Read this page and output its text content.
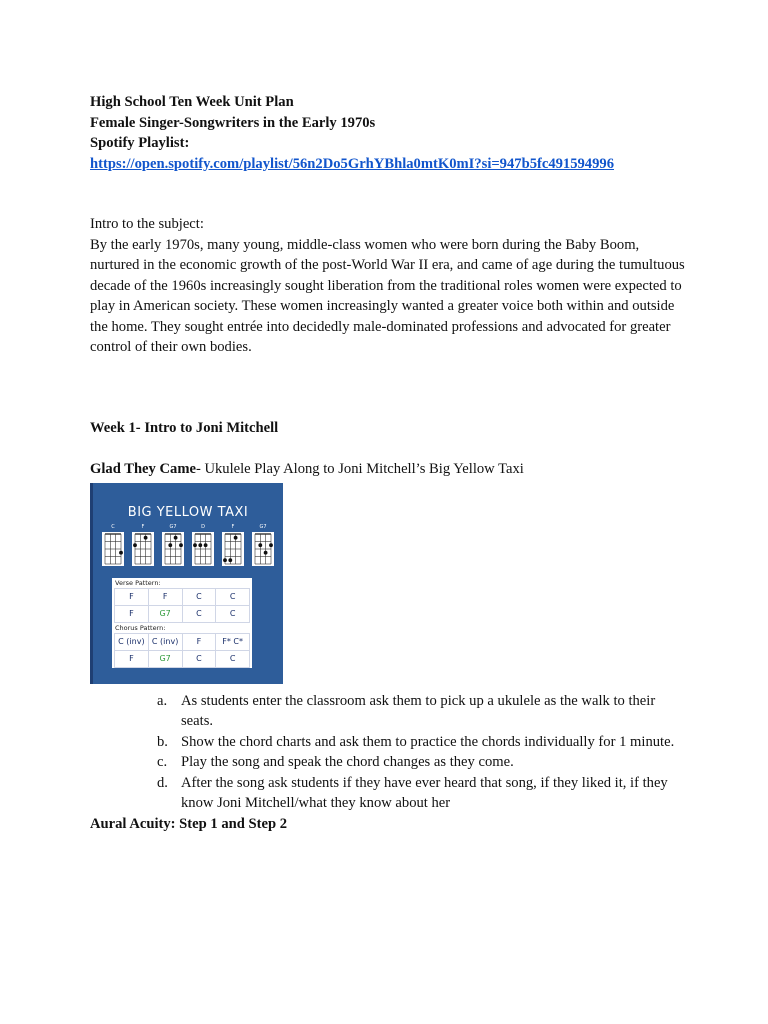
High School Ten Week Unit Plan

Female Singer-Songwriters in the Early 1970s

Spotify Playlist:

https://open.spotify.com/playlist/56n2Do5GrhYBhla0mtK0mI?si=947b5fc491594996

Intro to the subject:

By the early 1970s, many young, middle-class women who were born during the Baby Boom, nurtured in the economic growth of the post-World War II era, and came of age during the tumultuous decade of the 1960s increasingly sought liberation from the traditional roles women were expected to play in American society. These women increasingly wanted a greater voice both within and outside the home. They sought entrée into decidedly male-dominated professions and advocated for greater control of their own bodies.

Week 1- Intro to Joni Mitchell

Glad They Came- Ukulele Play Along to Joni Mitchell’s Big Yellow Taxi

BIG YELLOW TAXI
C	F	G7	D	F	G7
Verse Pattern:
F	F	C	C
F	G7	C	C
Chorus Pattern:
C (inv)	C (inv)	F	F* C*
F	G7	C	C
a. As students enter the classroom ask them to pick up a ukulele as the walk to their seats.
b. Show the chord charts and ask them to practice the chords individually for 1 minute.
c. Play the song and speak the chord changes as they come.
d. After the song ask students if they have ever heard that song, if they liked it, if they know Joni Mitchell/what they know about her

Aural Acuity: Step 1 and Step 2
